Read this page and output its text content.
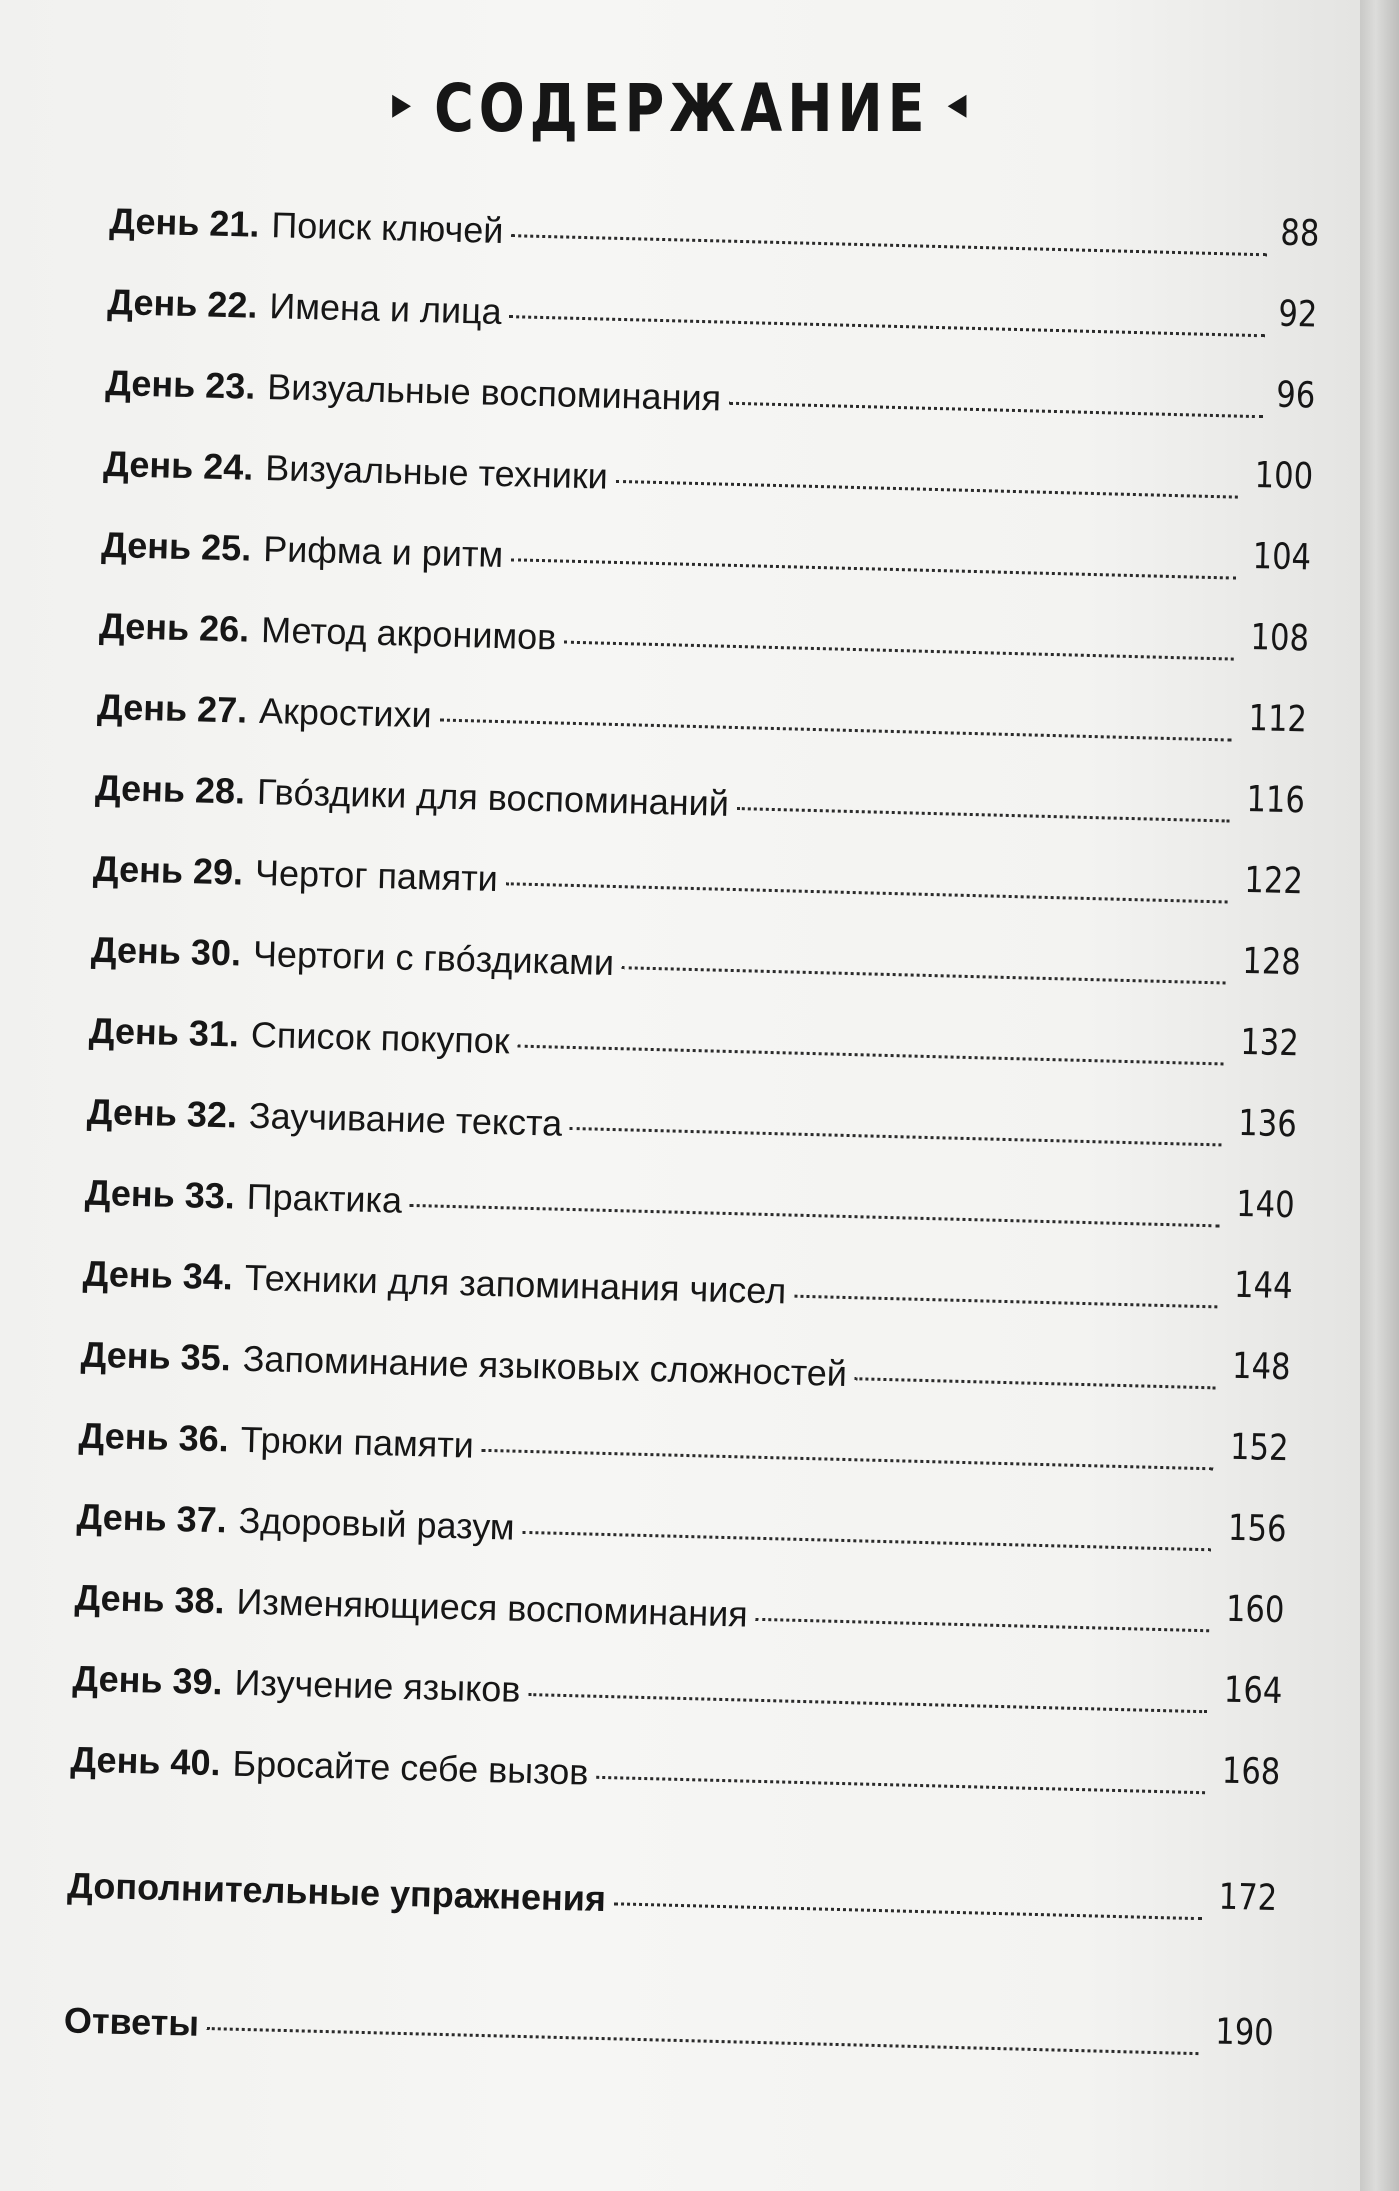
▶ СОДЕРЖАНИЕ ◀
День 21. Поиск ключей	88
День 22. Имена и лица	92
День 23. Визуальные воспоминания	96
День 24. Визуальные техники	100
День 25. Рифма и ритм	104
День 26. Метод акронимов	108
День 27. Акростихи	112
День 28. Гвóздики для воспоминаний	116
День 29. Чертог памяти	122
День 30. Чертоги с гвóздиками	128
День 31. Список покупок	132
День 32. Заучивание текста	136
День 33. Практика	140
День 34. Техники для запоминания чисел	144
День 35. Запоминание языковых сложностей	148
День 36. Трюки памяти	152
День 37. Здоровый разум	156
День 38. Изменяющиеся воспоминания	160
День 39. Изучение языков	164
День 40. Бросайте себе вызов	168
Дополнительные упражнения	172
Ответы	190
